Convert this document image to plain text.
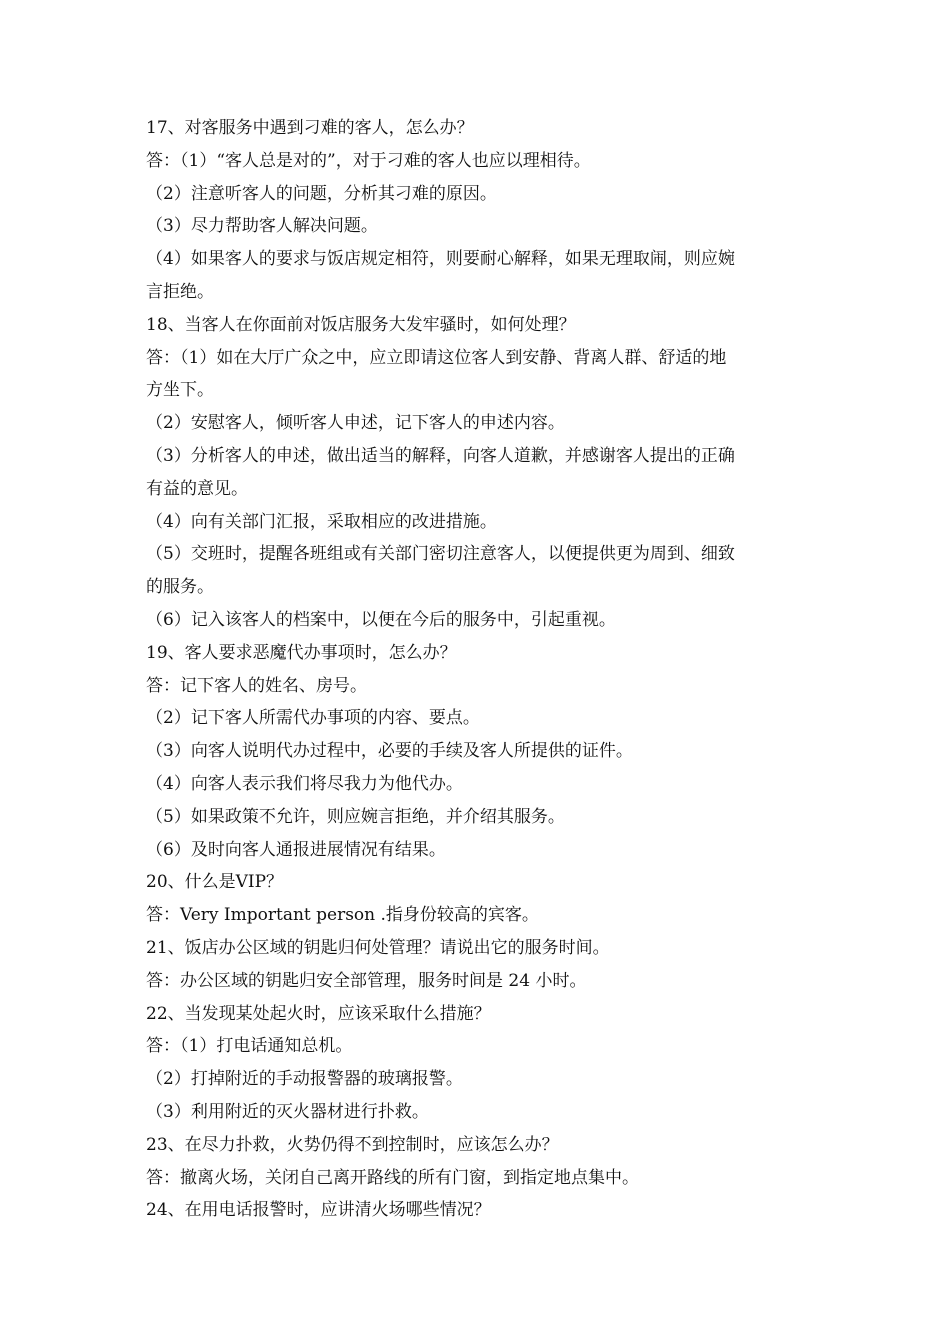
17、对客服务中遇到刁难的客人，怎么办？

答：（1）“客人总是对的”，对于刁难的客人也应以理相待。

（2）注意听客人的问题，分析其刁难的原因。

（3）尽力帮助客人解决问题。

（4）如果客人的要求与饭店规定相符，则要耐心解释，如果无理取闹，则应婉

言拒绝。

18、当客人在你面前对饭店服务大发牢骚时，如何处理？

答：（1）如在大厅广众之中，应立即请这位客人到安静、背离人群、舒适的地

方坐下。

（2）安慰客人，倾听客人申述，记下客人的申述内容。

（3）分析客人的申述，做出适当的解释，向客人道歉，并感谢客人提出的正确

有益的意见。

（4）向有关部门汇报，采取相应的改进措施。

（5）交班时，提醒各班组或有关部门密切注意客人，以便提供更为周到、细致

的服务。

（6）记入该客人的档案中，以便在今后的服务中，引起重视。

19、客人要求恶魔代办事项时，怎么办？

答：记下客人的姓名、房号。

（2）记下客人所需代办事项的内容、要点。

（3）向客人说明代办过程中，必要的手续及客人所提供的证件。

（4）向客人表示我们将尽我力为他代办。

（5）如果政策不允许，则应婉言拒绝，并介绍其服务。

（6）及时向客人通报进展情况有结果。

20、什么是VIP？

答：Very Important person .指身份较高的宾客。

21、饭店办公区域的钥匙归何处管理？请说出它的服务时间。

答：办公区域的钥匙归安全部管理，服务时间是 24 小时。

22、当发现某处起火时，应该采取什么措施？

答：（1）打电话通知总机。

（2）打掉附近的手动报警器的玻璃报警。

（3）利用附近的灭火器材进行扑救。

23、在尽力扑救，火势仍得不到控制时，应该怎么办？

答：撤离火场，关闭自己离开路线的所有门窗，到指定地点集中。

24、在用电话报警时，应讲清火场哪些情况？
